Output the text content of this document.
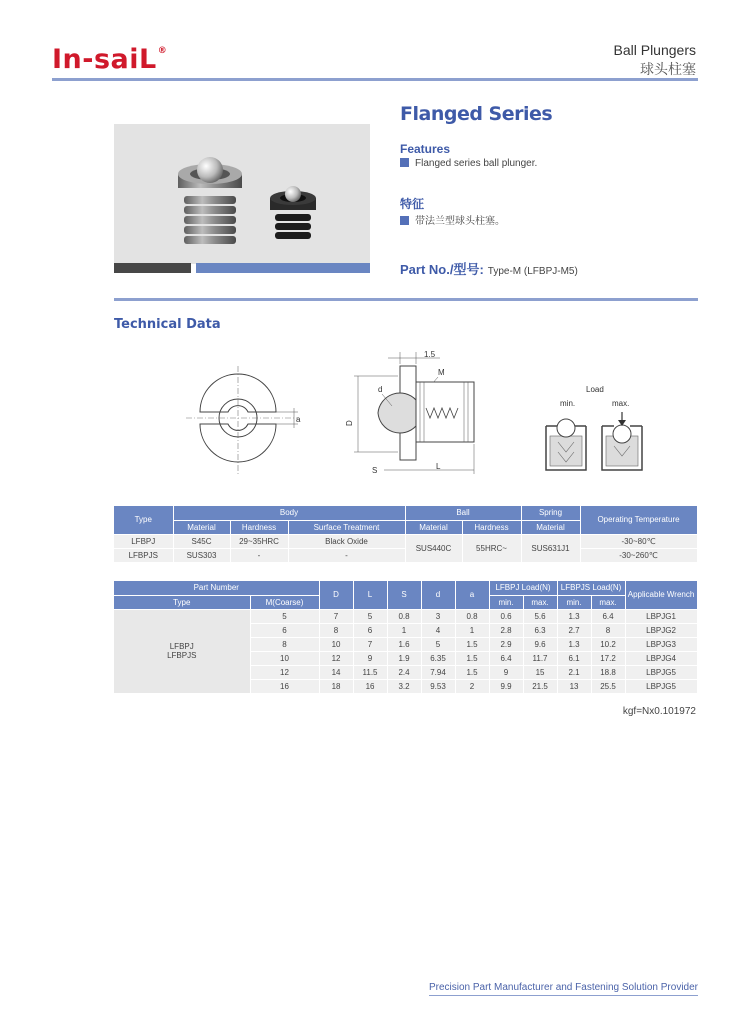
In-saiL®	Ball Plungers
球头柱塞
Flanged Series
Features
Flanged series ball plunger.
特征
带法兰型球头柱塞。
Part No./型号: Type-M (LFBPJ-M5)
Technical Data
a
1.5
M
d
D
S	L
Load
min.	max.
Type	Body			Ball		Spring	Operating Temperature
	Material	Hardness	Surface Treatment	Material	Hardness	Material	
LFBPJ	S45C	29~35HRC	Black Oxide	SUS440C	55HRC~	SUS631J1	-30~80℃
LFBPJS	SUS303	-	-				-30~260℃
Part Number		D	L	S	d	a	LFBPJ Load(N)		LFBPJS Load(N)		Applicable Wrench
Type	M(Coarse)						min.	max.	min.	max.	

LFBPJ
LFBPJS	5	7	5	0.8	3	0.8	0.6	5.6	1.3	6.4	LBPJG1
	6	8	6	1	4	1	2.8	6.3	2.7	8	LBPJG2
	8	10	7	1.6	5	1.5	2.9	9.6	1.3	10.2	LBPJG3
	10	12	9	1.9	6.35	1.5	6.4	11.7	6.1	17.2	LBPJG4
	12	14	11.5	2.4	7.94	1.5	9	15	2.1	18.8	LBPJG5
	16	18	16	3.2	9.53	2	9.9	21.5	13	25.5	LBPJG5
kgf=Nx0.101972
Precision Part Manufacturer and Fastening Solution Provider
